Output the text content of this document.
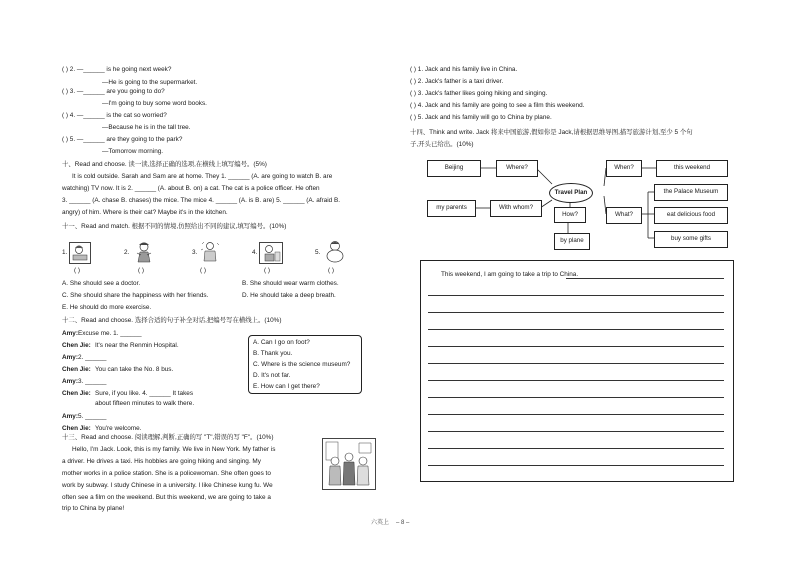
( ) 2. —______ is he going next week?
—He is going to the supermarket.
( ) 3. —______ are you going to do?
—I'm going to buy some word books.
( ) 4. —______ is the cat so worried?
—Because he is in the tall tree.
( ) 5. —______ are they going to the park?
—Tomorrow morning.
十、Read and choose. 读一读,选择正确的选项,在横线上填写编号。(5%)
It is cold outside. Sarah and Sam are at home. They 1. ______ (A. are going to watch B. are
watching) TV now. It is 2. ______ (A. about B. on) a cat. The cat is a police officer. He often
3. ______ (A. chase B. chases) the mice. The mice 4. ______ (A. is B. are) 5. ______ (A. afraid B.
angry) of him. Where is their cat? Maybe it's in the kitchen.
十一、Read and match. 根据不同的情境,仿照给出不同的建议,填写编号。(10%)
1.	2.	3.	4.	5.
( )	( )	( )	( )	( )
A. She should see a doctor.	B. She should wear warm clothes.
C. She should share the happiness with her friends.	D. He should take a deep breath.
E. He should do more exercise.
十二、Read and choose. 选择合适的句子补全对话,把编号写在横线上。(10%)
Amy: Excuse me. 1. ______
Chen Jie: It's near the Renmin Hospital.
Amy: 2. ______
Chen Jie: You can take the No. 8 bus.
Amy: 3. ______
Chen Jie: Sure, if you like. 4. ______ It takes
about fifteen minutes to walk there.
Amy: 5. ______
Chen Jie: You're welcome.
A. Can I go on foot?
B. Thank you.
C. Where is the science museum?
D. It's not far.
E. How can I get there?
十三、Read and choose. 阅读理解,判断,正确的写 "T",错误的写 "F"。(10%)
Hello, I'm Jack. Look, this is my family. We live in New York. My father is
a driver. He drives a taxi. His hobbies are going hiking and singing. My
mother works in a police station. She is a policewoman. She often goes to
work by subway. I study Chinese in a university. I like Chinese kung fu. We
often see a film on the weekend. But this weekend, we are going to take a
trip to China by plane!
( ) 1. Jack and his family live in China.
( ) 2. Jack's father is a taxi driver.
( ) 3. Jack's father likes going hiking and singing.
( ) 4. Jack and his family are going to see a film this weekend.
( ) 5. Jack and his family will go to China by plane.
十四、Think and write. Jack 将来中国旅游,假如你是 Jack,请根据思维导图,描写旅游计划,至少 5 个句
子,开头已给出。(10%)
Beijing	Where?
Travel Plan
When?	this weekend
my parents	With whom?
How?	What?
by plane
the Palace Museum
eat delicious food
buy some gifts
This weekend, I am going to take a trip to China.
六英上 – 8 –
